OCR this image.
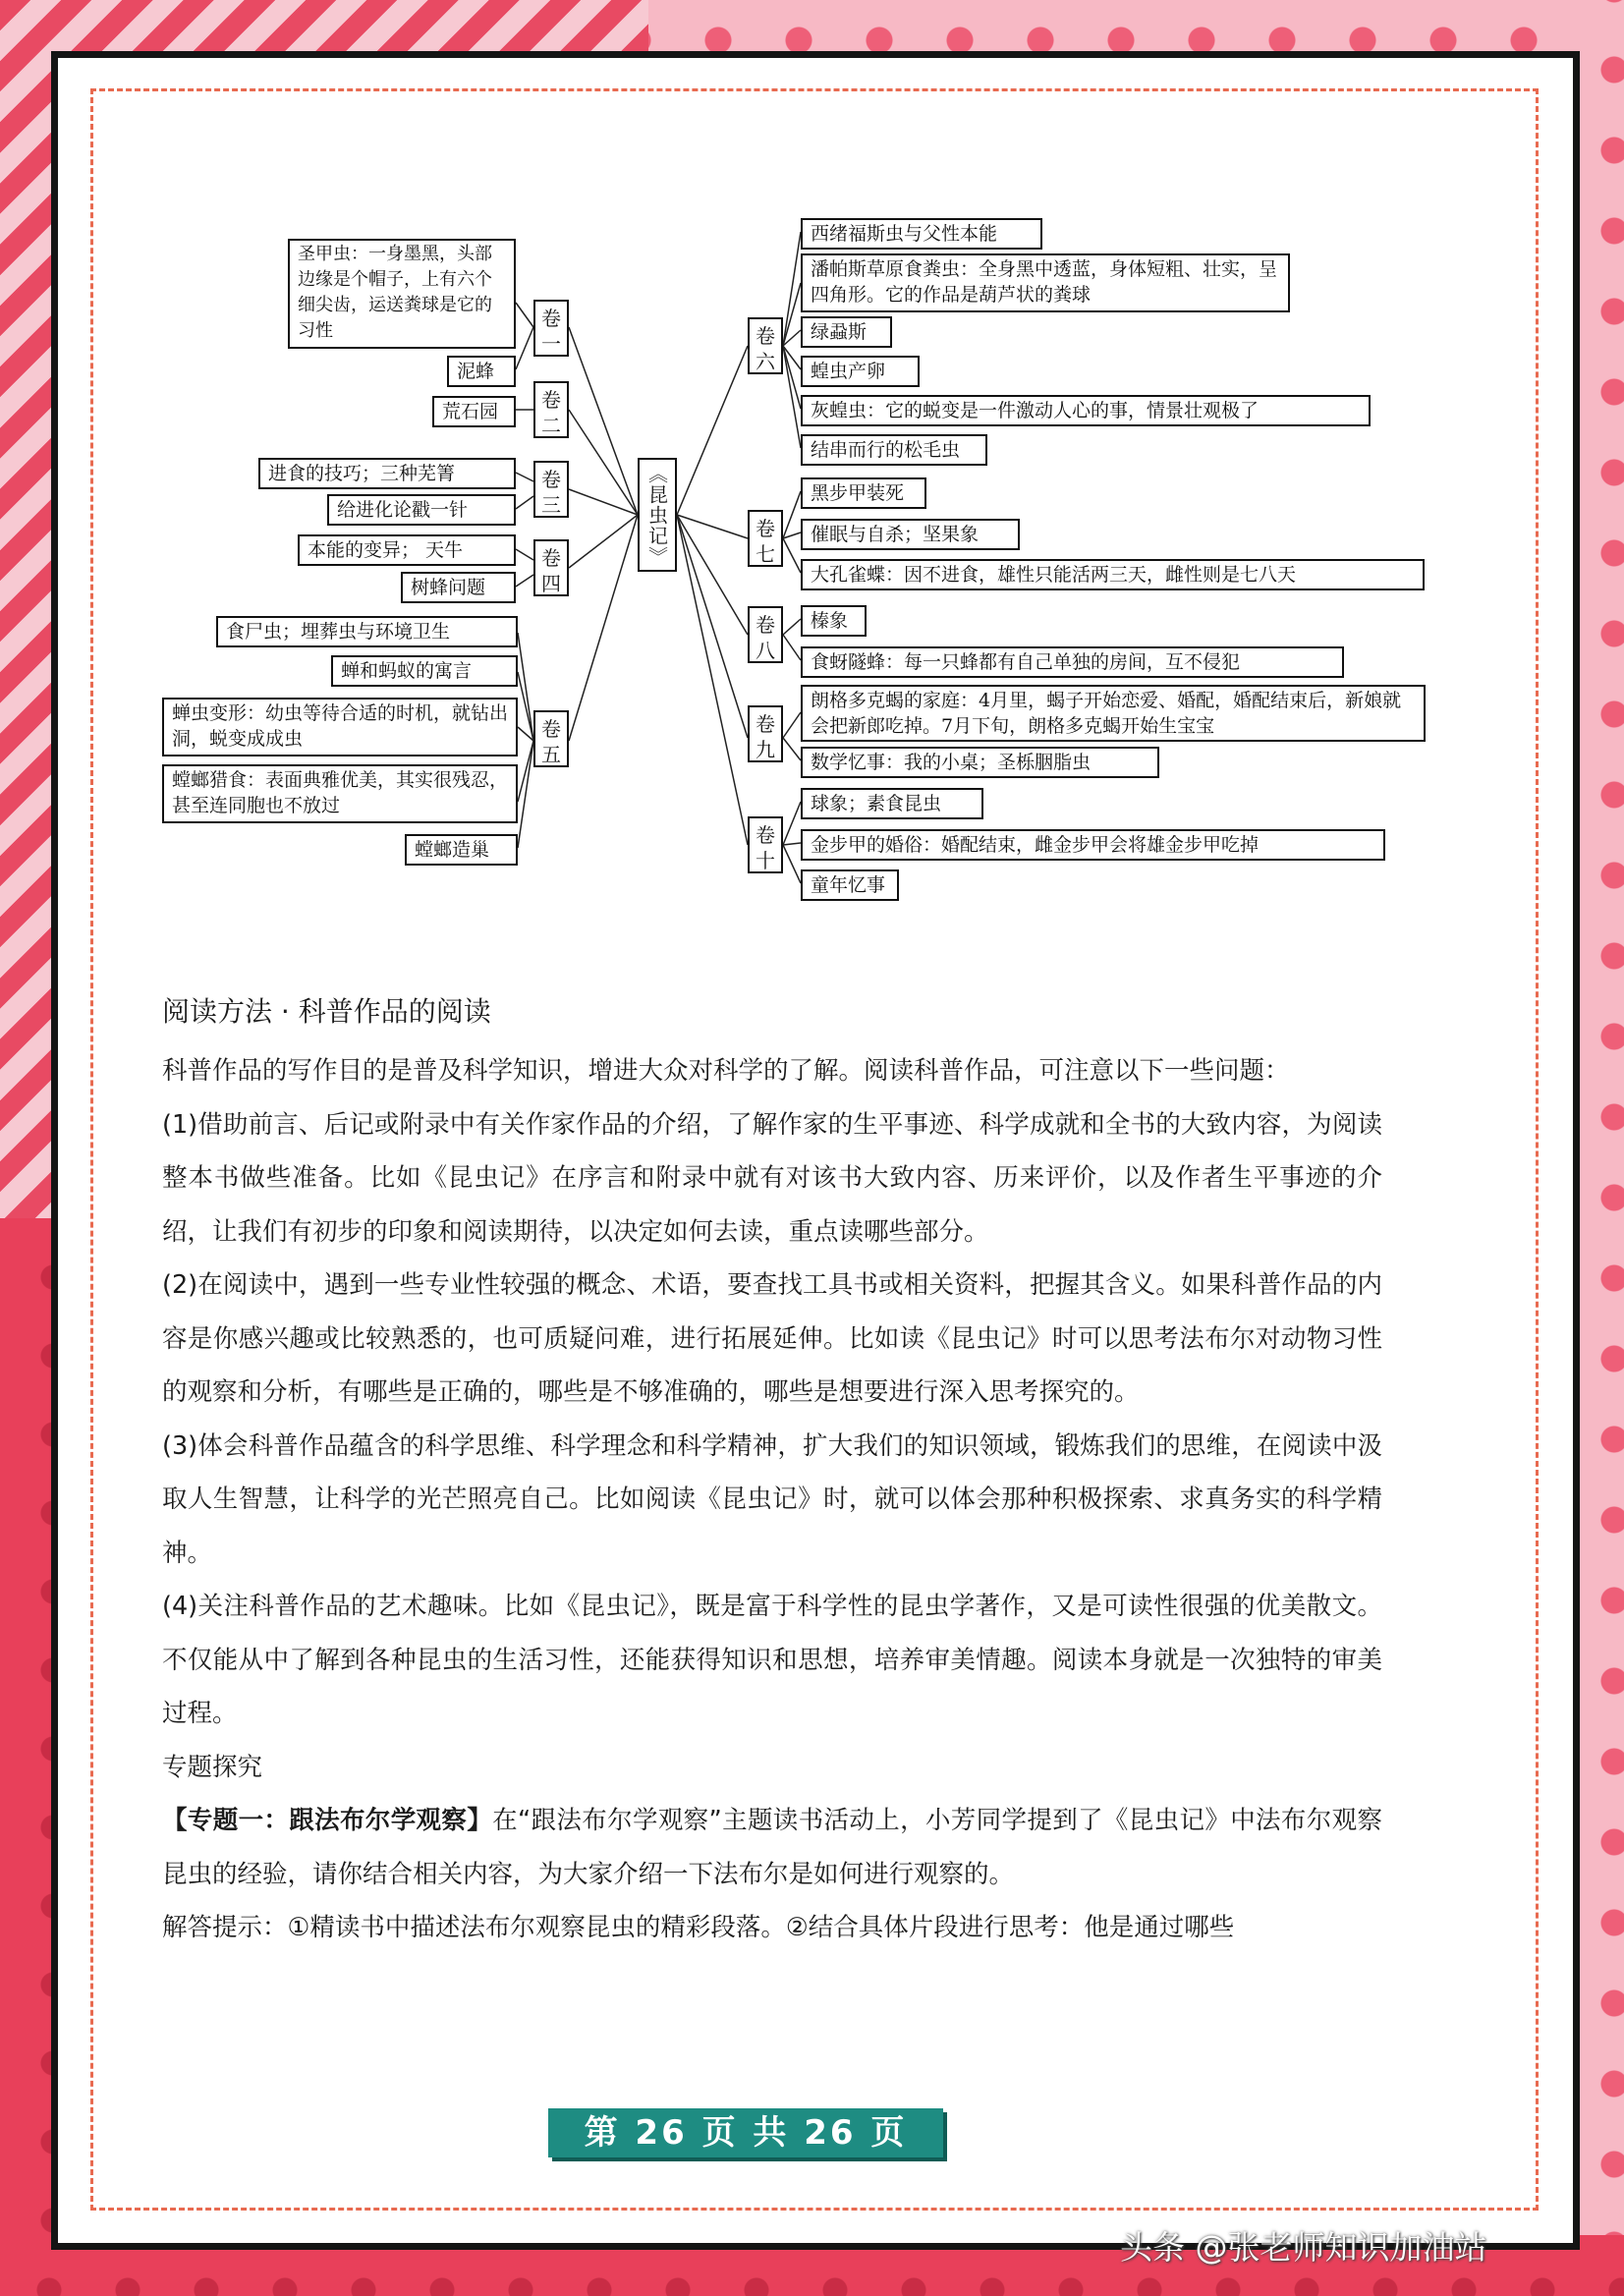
《昆虫记》
卷一
卷二
卷三
卷四
卷五
卷六
卷七
卷八
卷九
卷十
圣甲虫：一身墨黑，头部边缘是个帽子，上有六个细尖齿，运送粪球是它的习性
泥蜂
荒石园
进食的技巧；三种芜箐
给进化论戳一针
本能的变异； 天牛
树蜂问题
食尸虫；埋葬虫与环境卫生
蝉和蚂蚁的寓言
蝉虫变形：幼虫等待合适的时机，就钻出洞，蜕变成成虫
螳螂猎食：表面典雅优美，其实很残忍，甚至连同胞也不放过
螳螂造巢
西绪福斯虫与父性本能
潘帕斯草原食粪虫：全身黑中透蓝，身体短粗、壮实，呈四角形。它的作品是葫芦状的粪球
绿蝨斯
蝗虫产卵
灰蝗虫：它的蜕变是一件激动人心的事，情景壮观极了
结串而行的松毛虫
黑步甲装死
催眠与自杀；坚果象
大孔雀蝶：因不进食，雄性只能活两三天，雌性则是七八天
榛象
食蚜隧蜂：每一只蜂都有自己单独的房间，互不侵犯
朗格多克蝎的家庭：4月里，蝎子开始恋爱、婚配，婚配结束后，新娘就会把新郎吃掉。7月下旬，朗格多克蝎开始生宝宝
数学忆事：我的小桌；圣栎胭脂虫
球象；素食昆虫
金步甲的婚俗：婚配结束，雌金步甲会将雄金步甲吃掉
童年忆事
阅读方法 · 科普作品的阅读

科普作品的写作目的是普及科学知识，增进大众对科学的了解。阅读科普作品，可注意以下一些问题：

(1)借助前言、后记或附录中有关作家作品的介绍，了解作家的生平事迹、科学成就和全书的大致内容，为阅读整本书做些准备。比如《昆虫记》在序言和附录中就有对该书大致内容、历来评价，以及作者生平事迹的介绍，让我们有初步的印象和阅读期待，以决定如何去读，重点读哪些部分。

(2)在阅读中，遇到一些专业性较强的概念、术语，要查找工具书或相关资料，把握其含义。如果科普作品的内容是你感兴趣或比较熟悉的，也可质疑问难，进行拓展延伸。比如读《昆虫记》时可以思考法布尔对动物习性的观察和分析，有哪些是正确的，哪些是不够准确的，哪些是想要进行深入思考探究的。

(3)体会科普作品蕴含的科学思维、科学理念和科学精神，扩大我们的知识领域，锻炼我们的思维，在阅读中汲取人生智慧，让科学的光芒照亮自己。比如阅读《昆虫记》时，就可以体会那种积极探索、求真务实的科学精神。

(4)关注科普作品的艺术趣味。比如《昆虫记》，既是富于科学性的昆虫学著作，又是可读性很强的优美散文。不仅能从中了解到各种昆虫的生活习性，还能获得知识和思想，培养审美情趣。阅读本身就是一次独特的审美过程。

专题探究

【专题一：跟法布尔学观察】在“跟法布尔学观察”主题读书活动上，小芳同学提到了《昆虫记》中法布尔观察昆虫的经验，请你结合相关内容，为大家介绍一下法布尔是如何进行观察的。

解答提示：①精读书中描述法布尔观察昆虫的精彩段落。②结合具体片段进行思考：他是通过哪些

第 26 页 共 26 页
头条 @张老师知识加油站
